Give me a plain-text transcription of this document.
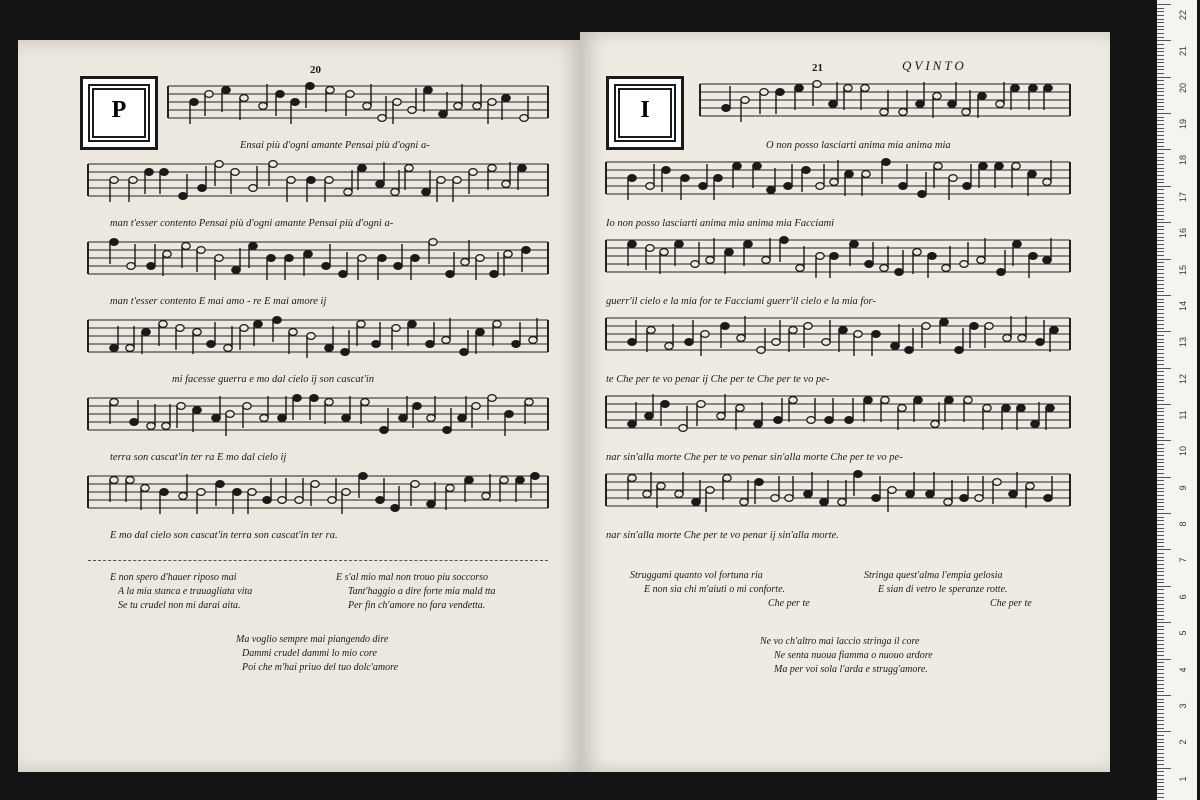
P
20
Ensai più d'ogni amante Pensai più d'ogni a-
man t'esser contento Pensai più d'ogni amante Pensai più d'ogni a-
man t'esser contento E mai amo - re E mai amore ij
mi facesse guerra e mo dal cielo ij son cascat'in
terra son cascat'in ter ra E mo dal cielo ij
E mo dal cielo son cascat'in terra son cascat'in ter ra.
E non spero d'hauer riposo mai
A la mia stanca e trauagliata vita
Se tu crudel non mi darai aita.
E s'al mio mal non trouo piu soccorso
Tant'haggio a dire forte mia mald tta
Per fin ch'amore no fara vendetta.
Ma voglio sempre mai piangendo dire
Dammi crudel dammi lo mio core
Poi che m'hai priuo del tuo dolc'amore
I
21	QVINTO
O non posso lasciarti anima mia anima mia
Io non posso lasciarti anima mia anima mia Facciami
guerr'il cielo e la mia for te Facciami guerr'il cielo e la mia for-
te Che per te vo penar ij Che per te Che per te vo pe-
nar sin'alla morte Che per te vo penar sin'alla morte Che per te vo pe-
nar sin'alla morte Che per te vo penar ij sin'alla morte.
Struggami quanto vol fortuna ria
E non sia chi m'aiuti o mi conforte.
Che per te
Stringa quest'alma l'empia gelosia
E sian di vetro le speranze rotte.
Che per te
Ne vo ch'altro mai laccio stringa il core
Ne senta nuoua fiamma o nuouo ardore
Ma per voi sola l'arda e strugg'amore.
22
21
20
19
18
17
16
15
14
13
12
11
10
9
8
7
6
5
4
3
2
1
